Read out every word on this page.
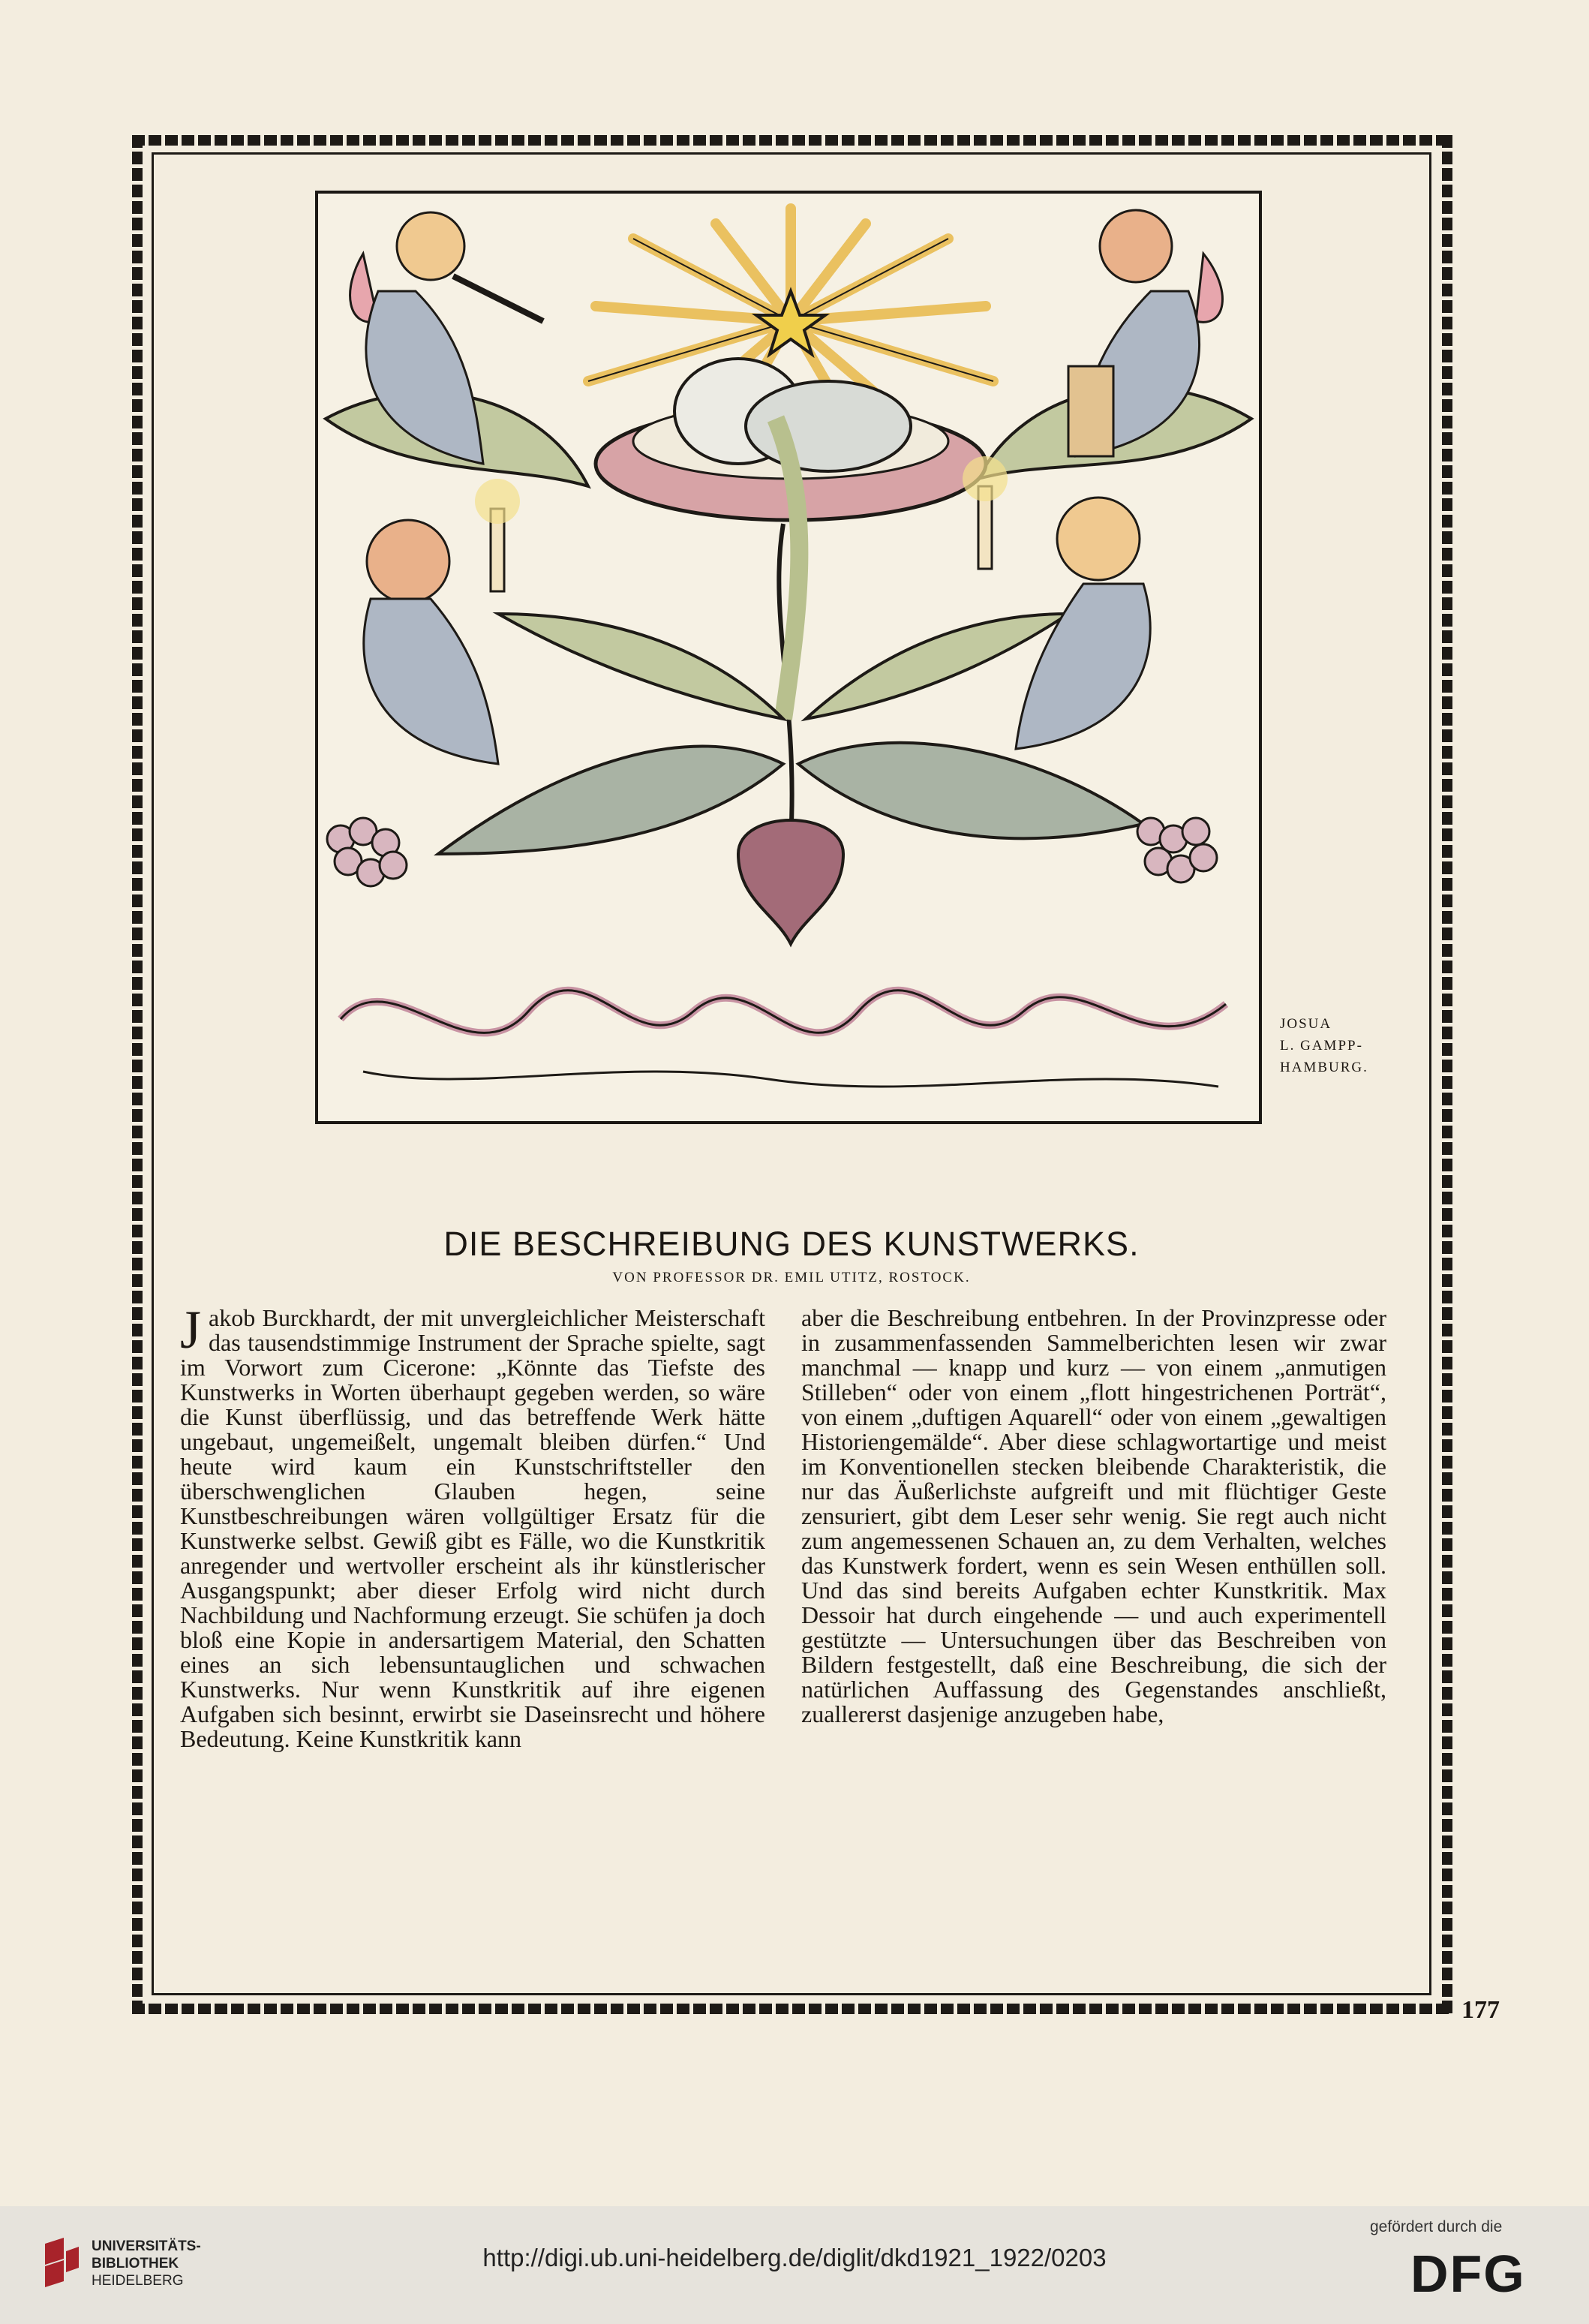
JOSUA
L. GAMPP-
HAMBURG.
DIE BESCHREIBUNG DES KUNSTWERKS.
VON PROFESSOR DR. EMIL UTITZ, ROSTOCK.
Jakob Burckhardt, der mit unvergleichlicher Meisterschaft das tausendstimmige Instrument der Sprache spielte, sagt im Vorwort zum Cicerone: „Könnte das Tiefste des Kunstwerks in Worten überhaupt gegeben werden, so wäre die Kunst überflüssig, und das betreffende Werk hätte ungebaut, ungemeißelt, ungemalt bleiben dürfen.“ Und heute wird kaum ein Kunstschriftsteller den überschwenglichen Glauben hegen, seine Kunstbeschreibungen wären vollgültiger Ersatz für die Kunstwerke selbst. Gewiß gibt es Fälle, wo die Kunstkritik anregender und wertvoller erscheint als ihr künstlerischer Ausgangspunkt; aber dieser Erfolg wird nicht durch Nachbildung und Nachformung erzeugt. Sie schüfen ja doch bloß eine Kopie in andersartigem Material, den Schatten eines an sich lebensuntauglichen und schwachen Kunstwerks. Nur wenn Kunstkritik auf ihre eigenen Aufgaben sich besinnt, erwirbt sie Daseinsrecht und höhere Bedeutung. Keine Kunstkritik kann
aber die Beschreibung entbehren. In der Provinzpresse oder in zusammenfassenden Sammelberichten lesen wir zwar manchmal — knapp und kurz — von einem „anmutigen Stilleben“ oder von einem „flott hingestrichenen Porträt“, von einem „duftigen Aquarell“ oder von einem „gewaltigen Historiengemälde“. Aber diese schlagwortartige und meist im Konventionellen stecken bleibende Charakteristik, die nur das Äußerlichste aufgreift und mit flüchtiger Geste zensuriert, gibt dem Leser sehr wenig. Sie regt auch nicht zum angemessenen Schauen an, zu dem Verhalten, welches das Kunstwerk fordert, wenn es sein Wesen enthüllen soll. Und das sind bereits Aufgaben echter Kunstkritik. Max Dessoir hat durch eingehende — und auch experimentell gestützte — Untersuchungen über das Beschreiben von Bildern festgestellt, daß eine Beschreibung, die sich der natürlichen Auffassung des Gegenstandes anschließt, zuallererst dasjenige anzugeben habe,
177
UNIVERSITÄTS-
BIBLIOTHEK
HEIDELBERG
http://digi.ub.uni-heidelberg.de/diglit/dkd1921_1922/0203
gefördert durch die
DFG
